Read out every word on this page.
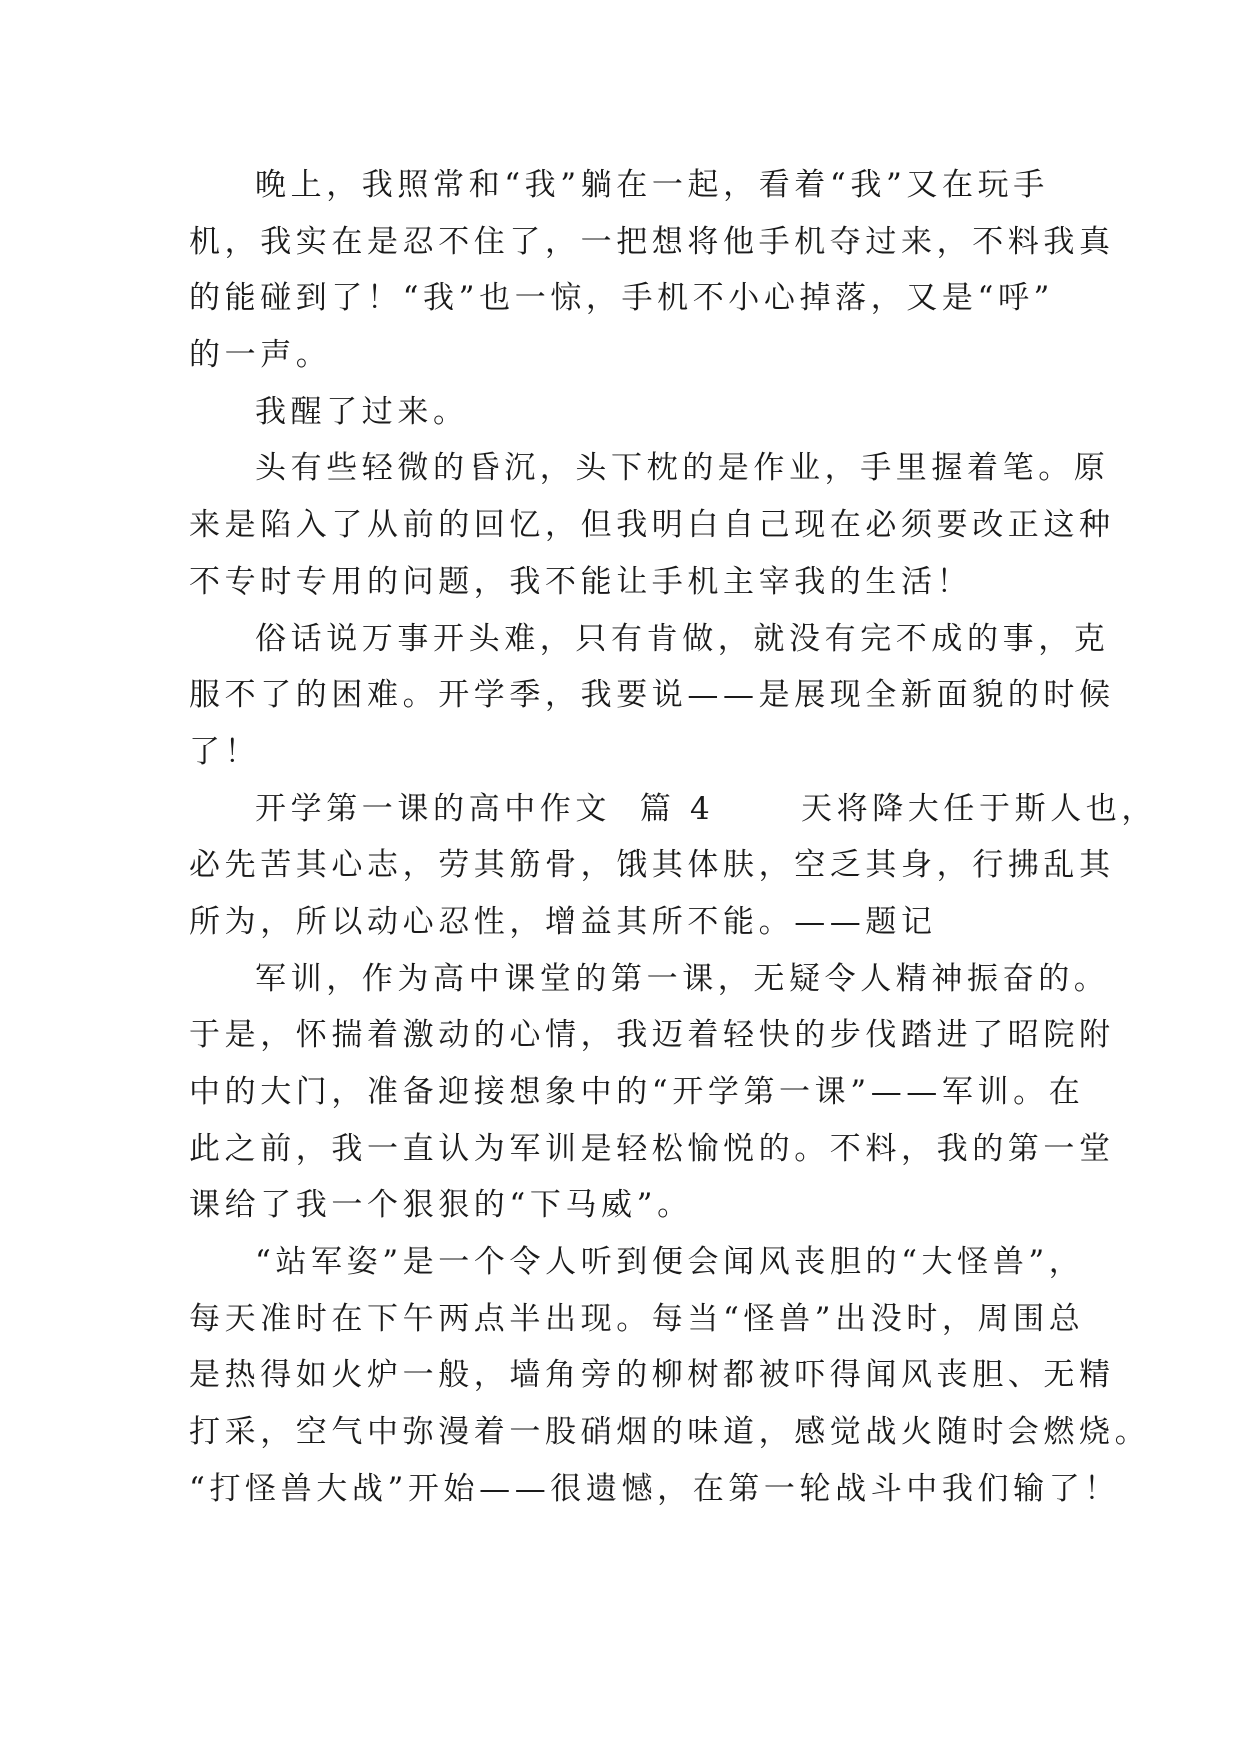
晚上，我照常和“我”躺在一起，看着“我”又在玩手
机，我实在是忍不住了，一把想将他手机夺过来，不料我真
的能碰到了！“我”也一惊，手机不小心掉落，又是“呼”
的一声。
我醒了过来。
头有些轻微的昏沉，头下枕的是作业，手里握着笔。原
来是陷入了从前的回忆，但我明白自己现在必须要改正这种
不专时专用的问题，我不能让手机主宰我的生活！
俗话说万事开头难，只有肯做，就没有完不成的事，克
服不了的困难。开学季，我要说——是展现全新面貌的时候
了！
开学第一课的高中作文  篇 4      天将降大任于斯人也，
必先苦其心志，劳其筋骨，饿其体肤，空乏其身，行拂乱其
所为，所以动心忍性，增益其所不能。——题记
军训，作为高中课堂的第一课，无疑令人精神振奋的。
于是，怀揣着激动的心情，我迈着轻快的步伐踏进了昭院附
中的大门，准备迎接想象中的“开学第一课”——军训。在
此之前，我一直认为军训是轻松愉悦的。不料，我的第一堂
课给了我一个狠狠的“下马威”。
“站军姿”是一个令人听到便会闻风丧胆的“大怪兽”，
每天准时在下午两点半出现。每当“怪兽”出没时，周围总
是热得如火炉一般，墙角旁的柳树都被吓得闻风丧胆、无精
打采，空气中弥漫着一股硝烟的味道，感觉战火随时会燃烧。
“打怪兽大战”开始——很遗憾，在第一轮战斗中我们输了！
